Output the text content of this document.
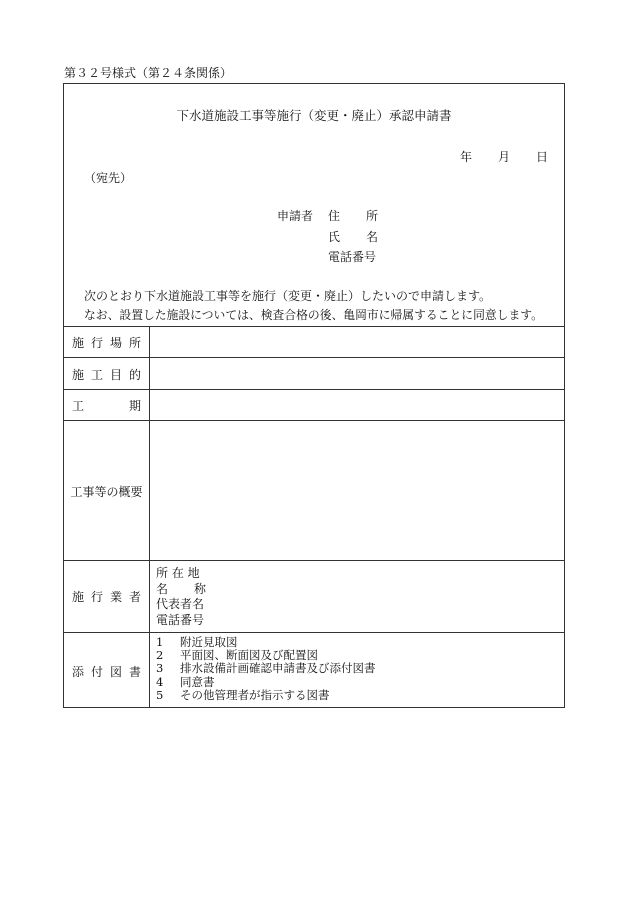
第３２号様式（第２４条関係）
下水道施設工事等施行（変更・廃止）承認申請書
年 月 日
（宛先）
申請者 住 所
氏 名
電話番号
次のとおり下水道施設工事等を施行（変更・廃止）したいので申請します。
なお、設置した施設については、検査合格の後、亀岡市に帰属することに同意します。
施 行 場 所
施 工 目 的
工	期
工事等の概要
施 行 業 者
添 付 図 書
所 在 地
名 称
代表者名
電話番号
1 附近見取図
2 平面図、断面図及び配置図
3 排水設備計画確認申請書及び添付図書
4 同意書
5 その他管理者が指示する図書
